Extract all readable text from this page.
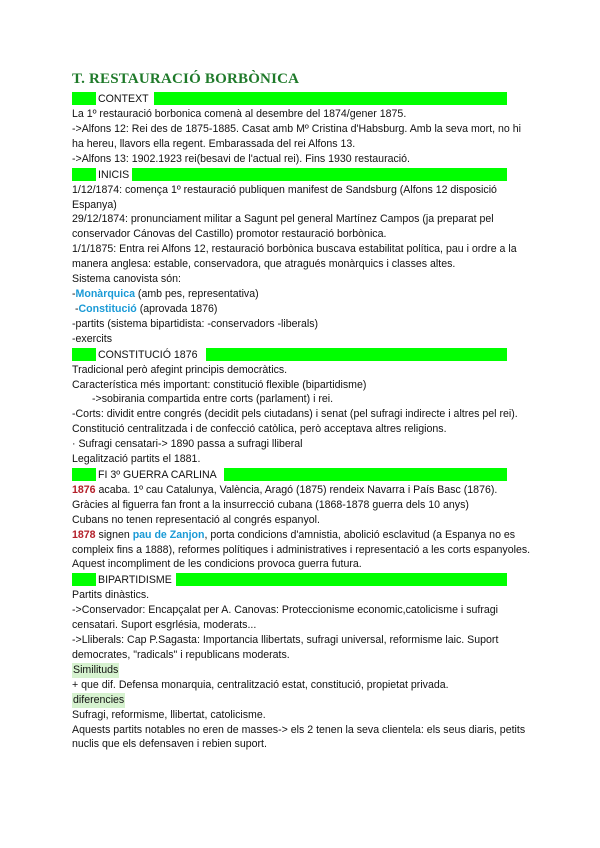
T. RESTAURACIÓ BORBÒNICA
CONTEXT
La 1º restauració borbonica comenà al desembre del 1874/gener 1875.
->Alfons 12: Rei des de 1875-1885. Casat amb Mº Cristina d'Habsburg. Amb la seva mort, no hi ha hereu, llavors ella regent. Embarassada del rei Alfons 13.
->Alfons 13: 1902.1923 rei(besavi de l'actual rei). Fins 1930 restauració.
INICIS
1/12/1874: comença 1º restauració publiquen manifest de Sandsburg (Alfons 12 disposició Espanya)
29/12/1874: pronunciament militar a Sagunt pel general Martínez Campos (ja preparat pel conservador Cánovas del Castillo) promotor restauració borbònica.
1/1/1875: Entra rei Alfons 12, restauració borbònica buscava estabilitat política, pau i ordre a la manera anglesa: estable, conservadora, que atragués monàrquics i classes altes.
Sistema canovista són:
-Monàrquica (amb pes, representativa)
-Constitució (aprovada 1876)
-partits (sistema bipartidista: -conservadors -liberals)
-exercits
CONSTITUCIÓ 1876
Tradicional però afegint principis democràtics.
Característica més important: constitució flexible (bipartidisme)
->sobirania compartida entre corts (parlament) i rei.
-Corts: dividit entre congrés (decidit pels ciutadans) i senat (pel sufragi indirecte i altres pel rei).
Constitució centralitzada i de confecció catòlica, però acceptava altres religions.
· Sufragi censatari-> 1890 passa a sufragi lliberal
Legalització partits el 1881.
FI 3º GUERRA CARLINA
1876 acaba. 1º cau Catalunya, València, Aragó (1875) rendeix Navarra i País Basc (1876).
Gràcies al figuerra fan front a la insurrecció cubana (1868-1878 guerra dels 10 anys)
Cubans no tenen representació al congrés espanyol.
1878 signen pau de Zanjon, porta condicions d'amnistia, abolició esclavitud (a Espanya no es compleix fins a 1888), reformes polítiques i administratives i representació a les corts espanyoles.
Aquest incompliment de les condicions provoca guerra futura.
BIPARTIDISME
Partits dinàstics.
->Conservador: Encapçalat per A. Canovas: Proteccionisme economic,catolicisme i sufragi censatari. Suport esgrlésia, moderats...
->Lliberals: Cap P.Sagasta: Importancia llibertats, sufragi universal, reformisme laic. Suport democrates, "radicals" i republicans moderats.
Similituds
+ que dif. Defensa monarquia, centralització estat, constitució, propietat privada.
diferencies
Sufragi, reformisme, llibertat, catolicisme.
Aquests partits notables no eren de masses-> els 2 tenen la seva clientela: els seus diaris, petits nuclis que els defensaven i rebien suport.
